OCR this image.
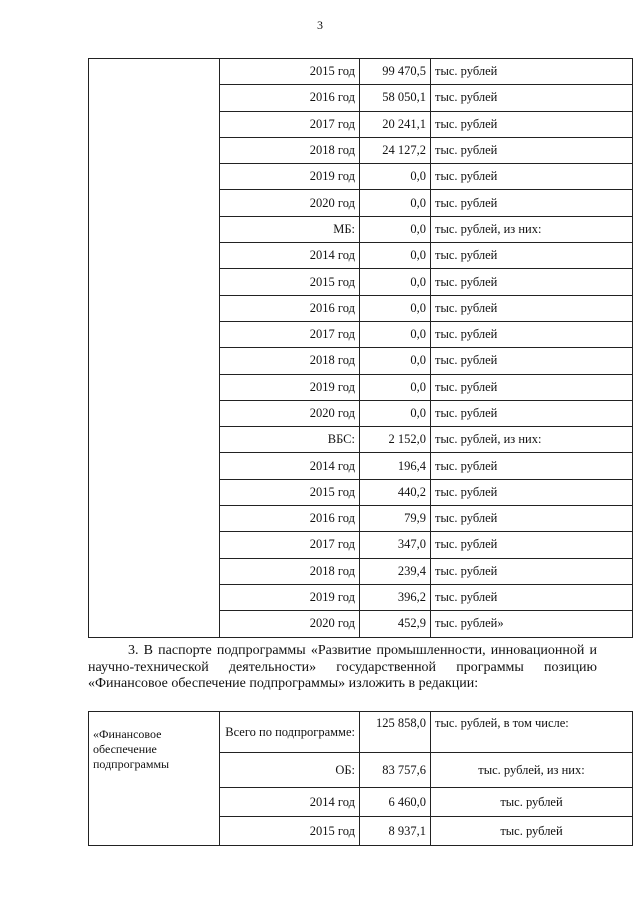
3
	2015 год	99 470,5	тыс. рублей
	2016 год	58 050,1	тыс. рублей
	2017 год	20 241,1	тыс. рублей
	2018 год	24 127,2	тыс. рублей
	2019 год	0,0	тыс. рублей
	2020 год	0,0	тыс. рублей
	МБ:	0,0	тыс. рублей, из них:
	2014 год	0,0	тыс. рублей
	2015 год	0,0	тыс. рублей
	2016 год	0,0	тыс. рублей
	2017 год	0,0	тыс. рублей
	2018 год	0,0	тыс. рублей
	2019 год	0,0	тыс. рублей
	2020 год	0,0	тыс. рублей
	ВБС:	2 152,0	тыс. рублей, из них:
	2014 год	196,4	тыс. рублей
	2015 год	440,2	тыс. рублей
	2016 год	79,9	тыс. рублей
	2017 год	347,0	тыс. рублей
	2018 год	239,4	тыс. рублей
	2019 год	396,2	тыс. рублей
	2020 год	452,9	тыс. рублей»
3. В паспорте подпрограммы «Развитие промышленности, инновационной и научно-технической деятельности» государственной программы позицию «Финансовое обеспечение подпрограммы» изложить в редакции:
«Финансовое
обеспечение
подпрограммы	Всего по подпрограмме:	125 858,0	тыс. рублей, в том числе:
	ОБ:	83 757,6	тыс. рублей, из них:
	2014 год	6 460,0	тыс. рублей
	2015 год	8 937,1	тыс. рублей
